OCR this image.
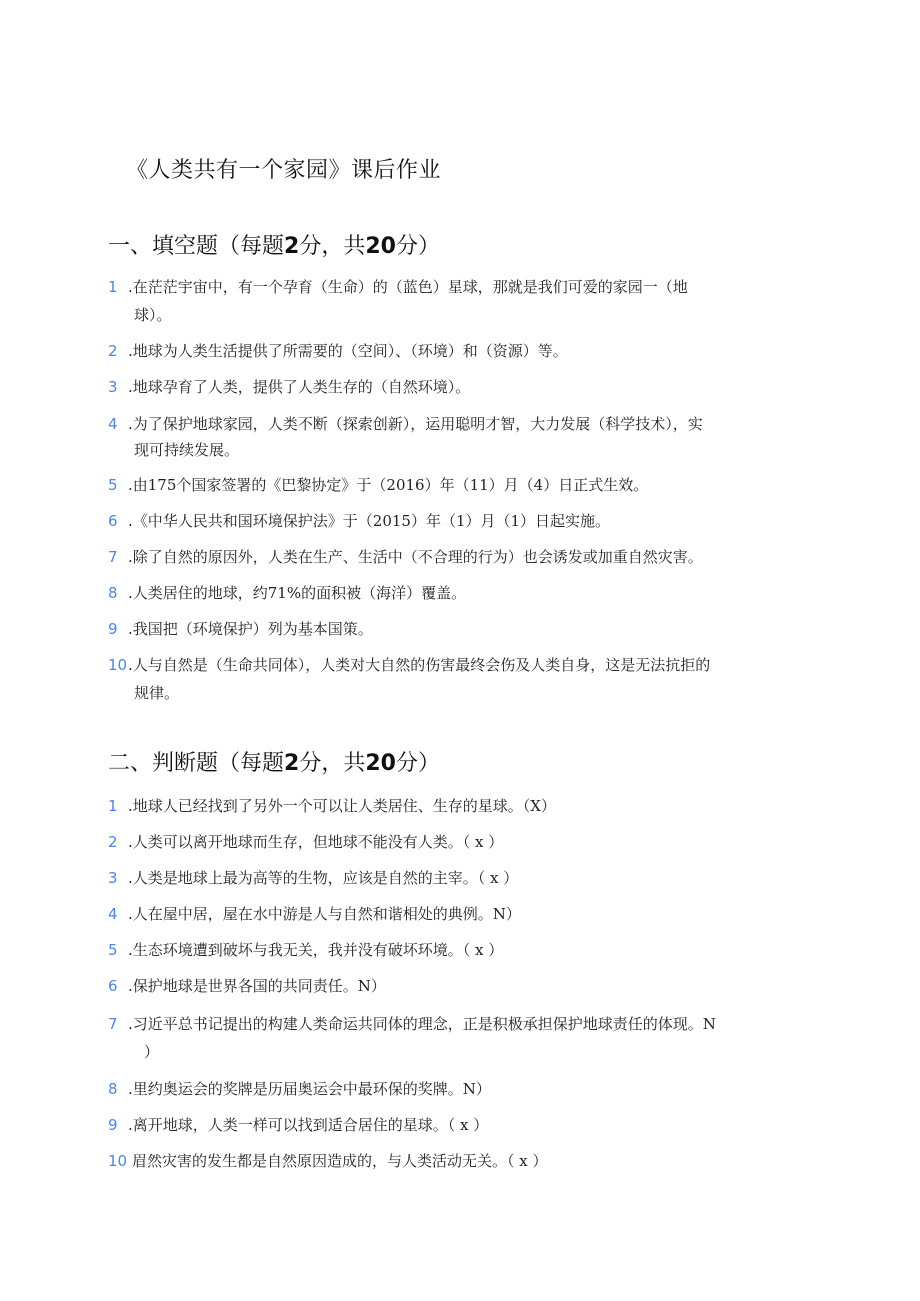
《人类共有一个家园》课后作业
一、填空题（每题2分，共20分）
1 .在茫茫宇宙中，有一个孕育（生命）的（蓝色）星球，那就是我们可爱的家园一（地
球）。
2 .地球为人类生活提供了所需要的（空间）、（环境）和（资源）等。
3 .地球孕育了人类，提供了人类生存的（自然环境）。
4 .为了保护地球家园，人类不断（探索创新），运用聪明才智，大力发展（科学技术），实
现可持续发展。
5 .由175个国家签署的《巴黎协定》于（2016）年（11）月（4）日正式生效。
6 .《中华人民共和国环境保护法》于（2015）年（1）月（1）日起实施。
7 .除了自然的原因外，人类在生产、生活中（不合理的行为）也会诱发或加重自然灾害。
8 .人类居住的地球，约71%的面积被（海洋）覆盖。
9 .我国把（环境保护）列为基本国策。
10 .人与自然是（生命共同体），人类对大自然的伤害最终会伤及人类自身，这是无法抗拒的
规律。
二、判断题（每题2分，共20分）
1 .地球人已经找到了另外一个可以让人类居住、生存的星球。（X）
2 .人类可以离开地球而生存，但地球不能没有人类。（ x ）
3 .人类是地球上最为高等的生物，应该是自然的主宰。（ x ）
4 .人在屋中居，屋在水中游是人与自然和谐相处的典例。N）
5 .生态环境遭到破坏与我无关，我并没有破坏环境。（ x ）
6 .保护地球是世界各国的共同责任。N）
7 .习近平总书记提出的构建人类命运共同体的理念，正是积极承担保护地球责任的体现。N
）
8 .里约奥运会的奖牌是历届奥运会中最环保的奖牌。N）
9 .离开地球，人类一样可以找到适合居住的星球。（ x ）
10 眉然灾害的发生都是自然原因造成的，与人类活动无关。（ x ）
